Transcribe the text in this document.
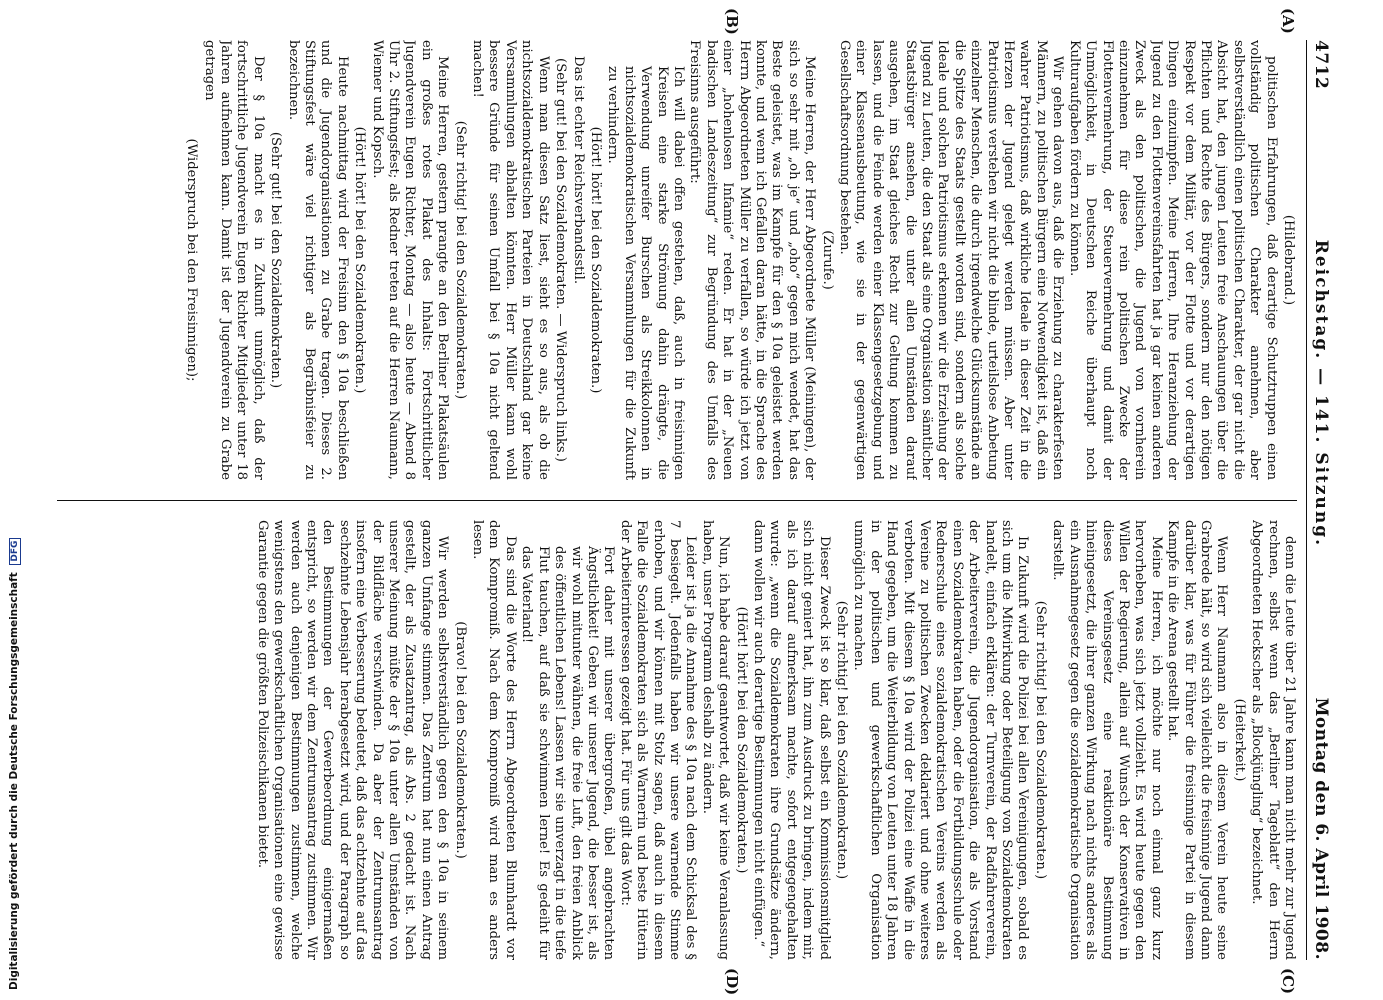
4712
Reichstag. — 141. Sitzung.
Montag den 6. April 1908.
(A)
(B)
(C)
(D)

(Hildebrand.)

politischen Erfahrungen, daß derartige Schutztruppen einen vollständig politischen Charakter annehmen, aber selbstverständlich einen politischen Charakter, der gar nicht die Absicht hat, den jungen Leuten freie Anschauungen über die Pflichten und Rechte des Bürgers, sondern nur den nötigen Respekt vor dem Militär, vor der Flotte und vor derartigen Dingen einzuimpfen. Meine Herren, Ihre Heranziehung der Jugend zu den Flottenvereinsfahrten hat ja gar keinen anderen Zweck als den politischen, die Jugend von vornherein einzunehmen für diese rein politischen Zwecke der Flottenvermehrung, der Steuervermehrung und damit der Unmöglichkeit, in Deutschen Reiche überhaupt noch Kulturaufgaben fördern zu können.

Wir gehen davon aus, daß die Erziehung zu charakterfesten Männern, zu politischen Bürgern eine Notwendigkeit ist, daß ein wahrer Patriotismus, daß wirkliche Ideale in dieser Zeit in die Herzen der Jugend gelegt werden müssen. Aber unter Patriotismus verstehen wir nicht die blinde, urteilslose Anbetung einzelner Menschen, die durch irgendwelche Glücksumstände an die Spitze des Staats gestellt worden sind, sondern als solche Ideale und solchen Patriotismus erkennen wir die Erziehung der Jugend zu Leuten, die den Staat als eine Organisation sämtlicher Staatsbürger ansehen, die unter allen Umständen darauf ausgehen, im Staat gleiches Recht zur Geltung kommen zu lassen, und die Feinde werden einer Klassengesetzgebung und einer Klassenausbeutung, wie sie in der gegenwärtigen Gesellschaftsordnung bestehen.

(Zurufe.)

Meine Herren, der Herr Abgeordnete Müller (Meiningen), der sich so sehr mit „oh je“ und „oho“ gegen mich wendet, hat das Beste geleistet, was im Kampfe für den § 10a geleistet werden konnte, und wenn ich Gefallen daran hätte, in die Sprache des Herrn Abgeordneten Müller zu verfallen, so würde ich jetzt von einer „hohenlosen Infamie“ reden. Er hat in der „Neuen badischen Landeszeitung“ zur Begründung des Umfalls des Freisinns ausgeführt:

Ich will dabei offen gestehen, daß, auch in freisinnigen Kreisen eine starke Strömung dahin drängte, die Verwendung unreifer Burschen als Streikkolonnen in nichtsozialdemokratischen Versammlungen für die Zukunft zu verhindern.

(Hört! hört! bei den Sozialdemokraten.)

Das ist echter Reichsverbandsstil.

(Sehr gut! bei den Sozialdemokraten. — Widerspruch links.)

Wenn man diesen Satz liest, sieht es so aus, als ob die nichtsozialdemokratischen Parteien in Deutschland gar keine Versammlungen abhalten könnten. Herr Müller kann wohl bessere Gründe für seinen Umfall bei § 10a nicht geltend machen!

(Sehr richtig! bei den Sozialdemokraten.)

Meine Herren, gestern prangte an den Berliner Plakatsäulen ein großes rotes Plakat des Inhalts: Fortschrittlicher Jugendverein Eugen Richter, Montag — also heute — Abend 8 Uhr 2. Stiftungsfest; als Redner treten auf die Herren Naumann, Wiemer und Kopsch.

(Hört! hört! bei den Sozialdemokraten.)

Heute nachmittag wird der Freisinn den § 10a beschließen und die Jugendorganisationen zu Grabe tragen. Dieses 2. Stiftungsfest wäre viel richtiger als Begräbnisfeier zu bezeichnen.

(Sehr gut! bei den Sozialdemokraten.)

Der § 10a macht es in Zukunft unmöglich, daß der fortschrittliche Jugendverein Eugen Richter Mitglieder unter 18 Jahren aufnehmen kann. Damit ist der Jugendverein zu Grabe getragen

(Widerspruch bei den Freisinnigen);

denn die Leute über 21 Jahre kann man nicht mehr zur Jugend rechnen, selbst wenn das „Berliner Tageblatt“ den Herrn Abgeordneten Heckscher als „Blockjüngling“ bezeichnet.

(Heiterkeit.)

Wenn Herr Naumann also in diesem Verein heute seine Grabrede hält, so wird sich vielleicht die freisinnige Jugend dann darüber klar, was für Führer die freisinnige Partei in diesem Kampfe in die Arena gestellt hat.

Meine Herren, ich möchte nur noch einmal ganz kurz hervorheben, was sich jetzt vollzieht. Es wird heute gegen den Willen der Regierung, allein auf Wunsch der Konservativen in dieses Vereinsgesetz eine reaktionäre Bestimmung hineingesetzt, die ihrer ganzen Wirkung nach nichts anderes als ein Ausnahmegesetz gegen die sozialdemokratische Organisation darstellt.

(Sehr richtig! bei den Sozialdemokraten.)

In Zukunft wird die Polizei bei allen Vereinigungen, sobald es sich um die Mitwirkung oder Beteiligung von Sozialdemokraten handelt, einfach erklären: der Turnverein, der Radfahrerverein, der Arbeiterverein, die Jugendorganisation, die als Vorstand einen Sozialdemokraten haben, oder die Fortbildungsschule oder Rednerschule eines sozialdemokratischen Vereins werden als Vereine zu politischen Zwecken deklariert und ohne weiteres verboten. Mit diesem § 10a wird der Polizei eine Waffe in die Hand gegeben, um die Weiterbildung von Leuten unter 18 Jahren in der politischen und gewerkschaftlichen Organisation unmöglich zu machen.

(Sehr richtig! bei den Sozialdemokraten.)

Dieser Zweck ist so klar, daß selbst ein Kommissionsmitglied sich nicht geniert hat, ihn zum Ausdruck zu bringen, indem mir, als ich darauf aufmerksam machte, sofort entgegengehalten wurde: „wenn die Sozialdemokraten ihre Grundsätze ändern, dann wollen wir auch derartige Bestimmungen nicht einfügen.“

(Hört! hört! bei den Sozialdemokraten.)

Nun, ich habe darauf geantwortet, daß wir keine Veranlassung haben, unser Programm deshalb zu ändern.

Leider ist ja die Annahme des § 10a nach dem Schicksal des § 7 besiegelt. Jedenfalls haben wir unsere warnende Stimme erhoben, und wir können mit Stolz sagen, daß auch in diesem Falle die Sozialdemokraten sich als Warnerin und beste Hüterin der Arbeiterinteressen gezeigt hat. Für uns gilt das Wort:

Fort daher mit unserer übergroßen, übel angebrachten Ängstlichkeit! Geben wir unserer Jugend, die besser ist, als wir wohl mitunter wähnen, die freie Luft, den freien Anblick des öffentlichen Lebens! Lassen wir sie unverzagt in die tiefe Flut tauchen, auf daß sie schwimmen lerne! Es gedeiht für das Vaterland!

Das sind die Worte des Herrn Abgeordneten Blumhardt vor dem Kompromiß. Nach dem Kompromiß wird man es anders lesen.

(Bravo! bei den Sozialdemokraten.)

Wir werden selbstverständlich gegen den § 10a in seinem ganzen Umfange stimmen. Das Zentrum hat nun einen Antrag gestellt, der als Zusatzantrag, als Abs. 2 gedacht ist. Nach unserer Meinung müßte der § 10a unter allen Umständen von der Bildfläche verschwinden. Da aber der Zentrumsantrag insofern eine Verbesserung bedeutet, daß das achtzehnte auf das sechzehnte Lebensjahr herabgesetzt wird, und der Paragraph so den Bestimmungen der Gewerbeordnung einigermaßen entspricht, so werden wir dem Zentrumsantrag zustimmen. Wir werden auch denjenigen Bestimmungen zustimmen, welche wenigstens den gewerkschaftlichen Organisationen eine gewisse Garantie gegen die größten Polizeischikanen bietet.

Digitalisierung gefördert durch die Deutsche Forschungsgemeinschaft DFG
